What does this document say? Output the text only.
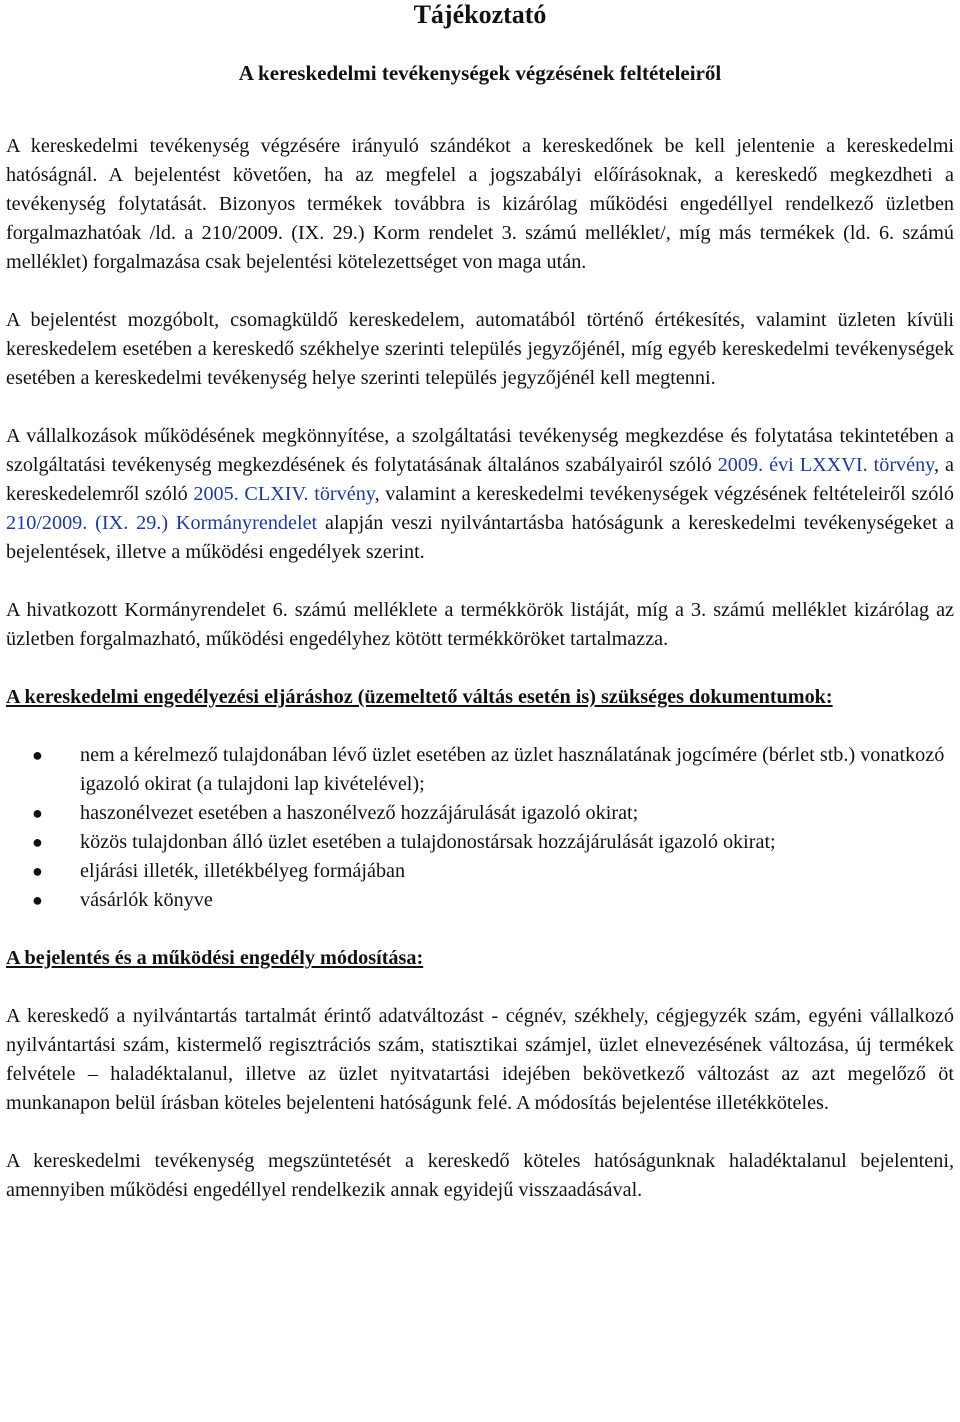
Tájékoztató
A kereskedelmi tevékenységek végzésének feltételeiről

A kereskedelmi tevékenység végzésére irányuló szándékot a kereskedőnek be kell jelentenie a kereskedelmi hatóságnál. A bejelentést követően, ha az megfelel a jogszabályi előírásoknak, a kereskedő megkezdheti a tevékenység folytatását. Bizonyos termékek továbbra is kizárólag működési engedéllyel rendelkező üzletben forgalmazhatóak /ld. a 210/2009. (IX. 29.) Korm rendelet 3. számú melléklet/, míg más termékek (ld. 6. számú melléklet) forgalmazása csak bejelentési kötelezettséget von maga után.

A bejelentést mozgóbolt, csomagküldő kereskedelem, automatából történő értékesítés, valamint üzleten kívüli kereskedelem esetében a kereskedő székhelye szerinti település jegyzőjénél, míg egyéb kereskedelmi tevékenységek esetében a kereskedelmi tevékenység helye szerinti település jegyzőjénél kell megtenni.

A vállalkozások működésének megkönnyítése, a szolgáltatási tevékenység megkezdése és folytatása tekintetében a szolgáltatási tevékenység megkezdésének és folytatásának általános szabályairól szóló 2009. évi LXXVI. törvény, a kereskedelemről szóló 2005. CLXIV. törvény, valamint a kereskedelmi tevékenységek végzésének feltételeiről szóló 210/2009. (IX. 29.) Kormányrendelet alapján veszi nyilvántartásba hatóságunk a kereskedelmi tevékenységeket a bejelentések, illetve a működési engedélyek szerint.

A hivatkozott Kormányrendelet 6. számú melléklete a termékkörök listáját, míg a 3. számú melléklet kizárólag az üzletben forgalmazható, működési engedélyhez kötött termékköröket tartalmazza.

A kereskedelmi engedélyezési eljáráshoz (üzemeltető váltás esetén is) szükséges dokumentumok:

● nem a kérelmező tulajdonában lévő üzlet esetében az üzlet használatának jogcímére (bérlet stb.) vonatkozó igazoló okirat (a tulajdoni lap kivételével);
● haszonélvezet esetében a haszonélvező hozzájárulását igazoló okirat;
● közös tulajdonban álló üzlet esetében a tulajdonostársak hozzájárulását igazoló okirat;
● eljárási illeték, illetékbélyeg formájában
● vásárlók könyve

A bejelentés és a működési engedély módosítása:

A kereskedő a nyilvántartás tartalmát érintő adatváltozást - cégnév, székhely, cégjegyzék szám, egyéni vállalkozó nyilvántartási szám, kistermelő regisztrációs szám, statisztikai számjel, üzlet elnevezésének változása, új termékek felvétele – haladéktalanul, illetve az üzlet nyitvatartási idejében bekövetkező változást az azt megelőző öt munkanapon belül írásban köteles bejelenteni hatóságunk felé. A módosítás bejelentése illetékköteles.

A kereskedelmi tevékenység megszüntetését a kereskedő köteles hatóságunknak haladéktalanul bejelenteni, amennyiben működési engedéllyel rendelkezik annak egyidejű visszaadásával.
